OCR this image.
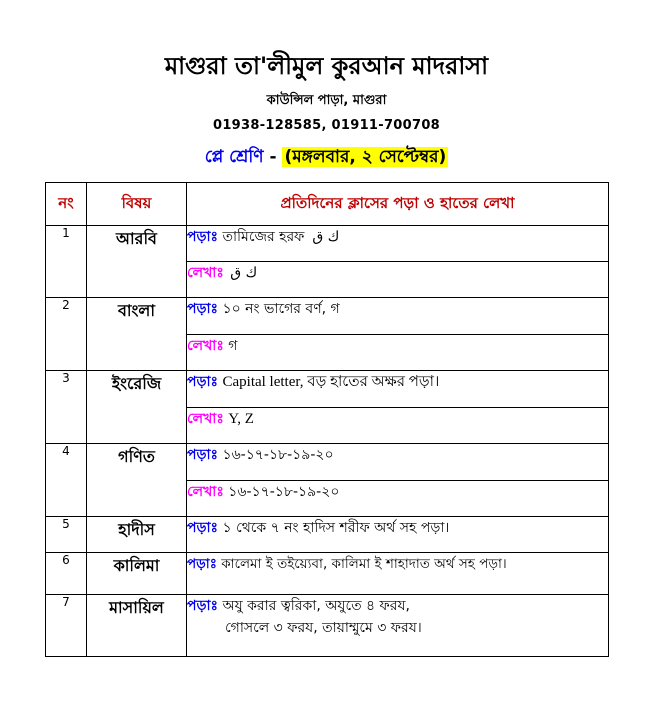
মাগুরা তা'লীমুল কুরআন মাদরাসা
কাউন্সিল পাড়া, মাগুরা
01938-128585, 01911-700708
প্লে শ্রেণি - (মঙ্গলবার, ২ সেপ্টেম্বর)
নং	বিষয়	প্রতিদিনের ক্লাসের পড়া ও হাতের লেখা
1	আরবি	পড়াঃ তামিজের হরফ ك ق
		লেখাঃ ك ق
2	বাংলা	পড়াঃ ১০ নং ভাগের বর্ণ, গ
		লেখাঃ গ
3	ইংরেজি	পড়াঃ Capital letter, বড় হাতের অক্ষর পড়া।
		লেখাঃ Y, Z
4	গণিত	পড়াঃ ১৬-১৭-১৮-১৯-২০
		লেখাঃ ১৬-১৭-১৮-১৯-২০
5	হাদীস	পড়াঃ ১ থেকে ৭ নং হাদিস শরীফ অর্থ সহ পড়া।
6	কালিমা	পড়াঃ কালেমা ই তইয়্যেবা, কালিমা ই শাহাদাত অর্থ সহ পড়া।
7	মাসায়িল	পড়াঃ অযু করার ত্বরিকা, অযুতে ৪ ফরয,
গোসলে ৩ ফরয, তায়াম্মুমে ৩ ফরয।
